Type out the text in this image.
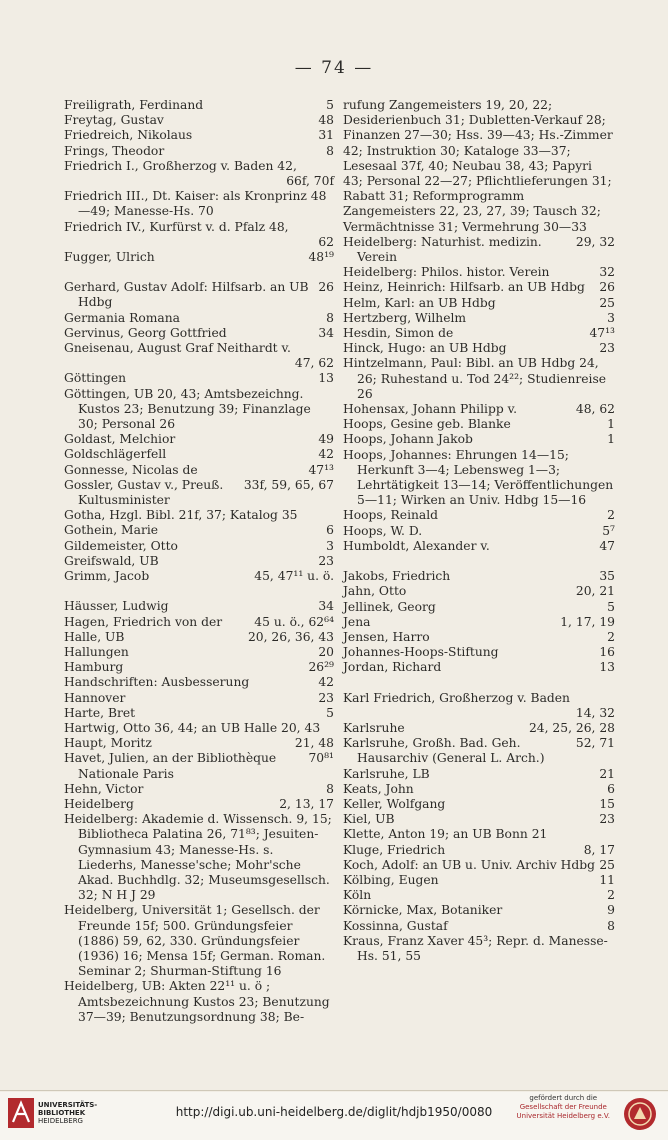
— 74 —
5
Freiligrath, Ferdinand
48
Freytag, Gustav
31
Friedreich, Nikolaus
8
Frings, Theodor
Friedrich I., Großherzog v. Baden 42,
66f, 70f

Friedrich III., Dt. Kaiser: als Kronprinz 48—49; Manesse-Hs. 70
Friedrich IV., Kurfürst v. d. Pfalz 48,
62

48¹⁹
Fugger, Ulrich
26
Gerhard, Gustav Adolf: Hilfsarb. an UB Hdbg
8
Germania Romana
34
Gervinus, Georg Gottfried
Gneisenau, August Graf Neithardt v.
47, 62

13
Göttingen
Göttingen, UB 20, 43; Amtsbezeichng. Kustos 23; Benutzung 39; Finanzlage 30; Personal 26
49
Goldast, Melchior
42
Goldschlägerfell
47¹³
Gonnesse, Nicolas de
33f, 59, 65, 67
Gossler, Gustav v., Preuß. Kultusminister
Gotha, Hzgl. Bibl. 21f, 37; Katalog 35
6
Gothein, Marie
3
Gildemeister, Otto
23
Greifswald, UB
45, 47¹¹ u. ö.
Grimm, Jacob
34
Häusser, Ludwig
45 u. ö., 62⁶⁴
Hagen, Friedrich von der
20, 26, 36, 43
Halle, UB
20
Hallungen
26²⁹
Hamburg
42
Handschriften: Ausbesserung
23
Hannover
5
Harte, Bret
Hartwig, Otto 36, 44; an UB Halle 20, 43
21, 48
Haupt, Moritz
70⁸¹
Havet, Julien, an der Bibliothèque Nationale Paris
8
Hehn, Victor
2, 13, 17
Heidelberg
Heidelberg: Akademie d. Wissensch. 9, 15; Bibliotheca Palatina 26, 71⁸³; Jesuiten-Gymnasium 43; Manesse-Hs. s. Liederhs, Manesse'sche; Mohr'sche Akad. Buchhdlg. 32; Museumsgesellsch. 32; N H J 29
Heidelberg, Universität 1; Gesellsch. der Freunde 15f; 500. Gründungsfeier (1886) 59, 62, 330. Gründungsfeier (1936) 16; Mensa 15f; German. Roman. Seminar 2; Shurman-Stiftung 16
Heidelberg, UB: Akten 22¹¹ u. ö ; Amtsbezeichnung Kustos 23; Benutzung 37—39; Benutzungsordnung 38; Be-
rufung Zangemeisters 19, 20, 22; Desiderienbuch 31; Dubletten-Verkauf 28; Finanzen 27—30; Hss. 39—43; Hs.-Zimmer 42; Instruktion 30; Kataloge 33—37; Lesesaal 37f, 40; Neubau 38, 43; Papyri 43; Personal 22—27; Pflichtlieferungen 31; Rabatt 31; Reformprogramm Zangemeisters 22, 23, 27, 39; Tausch 32; Vermächtnisse 31; Vermehrung 30—33
29, 32
Heidelberg: Naturhist. medizin. Verein
32
Heidelberg: Philos. histor. Verein
26
Heinz, Heinrich: Hilfsarb. an UB Hdbg
25
Helm, Karl: an UB Hdbg
3
Hertzberg, Wilhelm
47¹³
Hesdin, Simon de
23
Hinck, Hugo: an UB Hdbg
Hintzelmann, Paul: Bibl. an UB Hdbg 24, 26; Ruhestand u. Tod 24²²; Studienreise 26
48, 62
Hohensax, Johann Philipp v.
1
Hoops, Gesine geb. Blanke
1
Hoops, Johann Jakob
Hoops, Johannes: Ehrungen 14—15; Herkunft 3—4; Lebensweg 1—3; Lehrtätigkeit 13—14; Veröffentlichungen 5—11; Wirken an Univ. Hdbg 15—16
2
Hoops, Reinald
5⁷
Hoops, W. D.
47
Humboldt, Alexander v.
35
Jakobs, Friedrich
20, 21
Jahn, Otto
5
Jellinek, Georg
1, 17, 19
Jena
2
Jensen, Harro
16
Johannes-Hoops-Stiftung
13
Jordan, Richard
Karl Friedrich, Großherzog v. Baden
14, 32

24, 25, 26, 28
Karlsruhe
52, 71
Karlsruhe, Großh. Bad. Geh. Hausarchiv (General L. Arch.)
21
Karlsruhe, LB
6
Keats, John
15
Keller, Wolfgang
23
Kiel, UB
Klette, Anton 19; an UB Bonn 21
8, 17
Kluge, Friedrich
25
Koch, Adolf: an UB u. Univ. Archiv Hdbg
11
Kölbing, Eugen
2
Köln
9
Körnicke, Max, Botaniker
8
Kossinna, Gustaf
Kraus, Franz Xaver 45³; Repr. d. Manesse-Hs. 51, 55
UNIVERSITÄTS-
BIBLIOTHEK
HEIDELBERG
http://digi.ub.uni-heidelberg.de/diglit/hdjb1950/0080
gefördert durch die
Gesellschaft der Freunde
Universität Heidelberg e.V.
